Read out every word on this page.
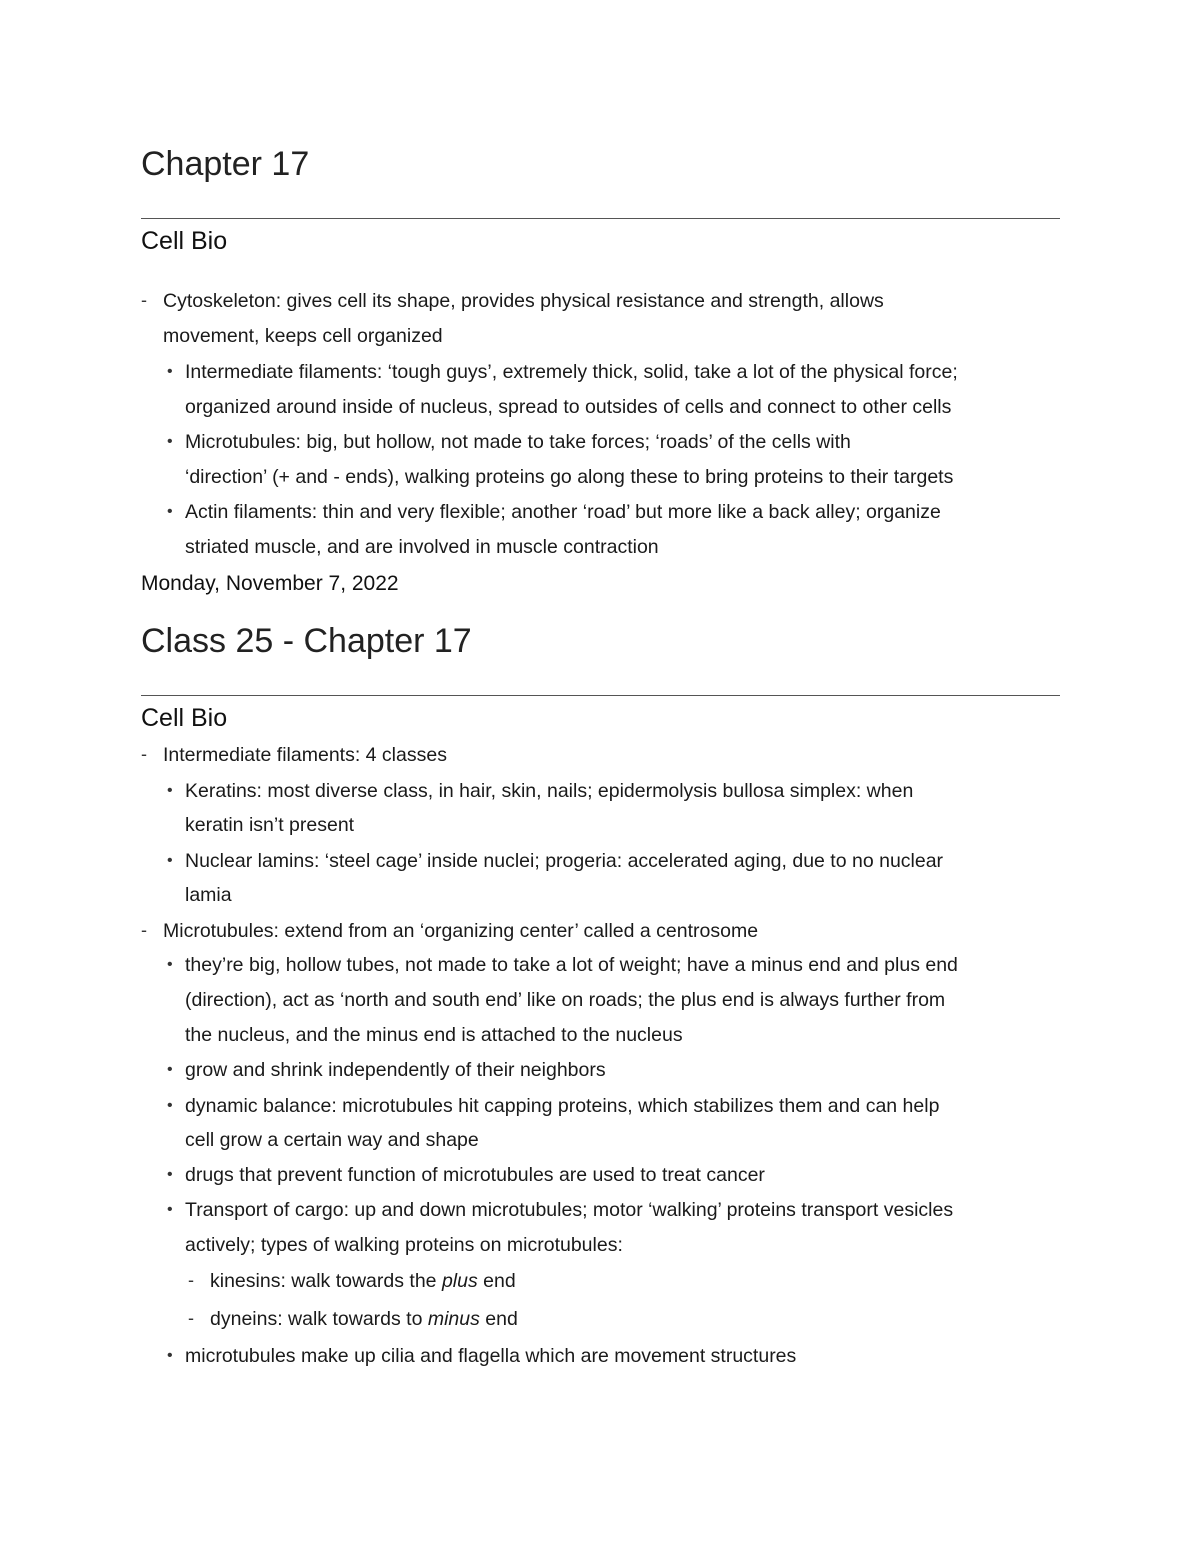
Chapter 17
Cell Bio
- Cytoskeleton: gives cell its shape, provides physical resistance and strength, allows
movement, keeps cell organized
• Intermediate filaments: ‘tough guys’, extremely thick, solid, take a lot of the physical force;
organized around inside of nucleus, spread to outsides of cells and connect to other cells
• Microtubules: big, but hollow, not made to take forces; ‘roads’ of the cells with
‘direction’ (+ and - ends), walking proteins go along these to bring proteins to their targets
• Actin filaments: thin and very flexible; another ‘road’ but more like a back alley; organize
striated muscle, and are involved in muscle contraction
Monday, November 7, 2022
Class 25 - Chapter 17
Cell Bio
- Intermediate filaments: 4 classes
• Keratins: most diverse class, in hair, skin, nails; epidermolysis bullosa simplex: when
keratin isn’t present
• Nuclear lamins: ‘steel cage’ inside nuclei; progeria: accelerated aging, due to no nuclear
lamia
- Microtubules: extend from an ‘organizing center’ called a centrosome
• they’re big, hollow tubes, not made to take a lot of weight; have a minus end and plus end
(direction), act as ‘north and south end’ like on roads; the plus end is always further from
the nucleus, and the minus end is attached to the nucleus
• grow and shrink independently of their neighbors
• dynamic balance: microtubules hit capping proteins, which stabilizes them and can help
cell grow a certain way and shape
• drugs that prevent function of microtubules are used to treat cancer
• Transport of cargo: up and down microtubules; motor ‘walking’ proteins transport vesicles
actively; types of walking proteins on microtubules:
- kinesins: walk towards the plus end
- dyneins: walk towards to minus end
• microtubules make up cilia and flagella which are movement structures
